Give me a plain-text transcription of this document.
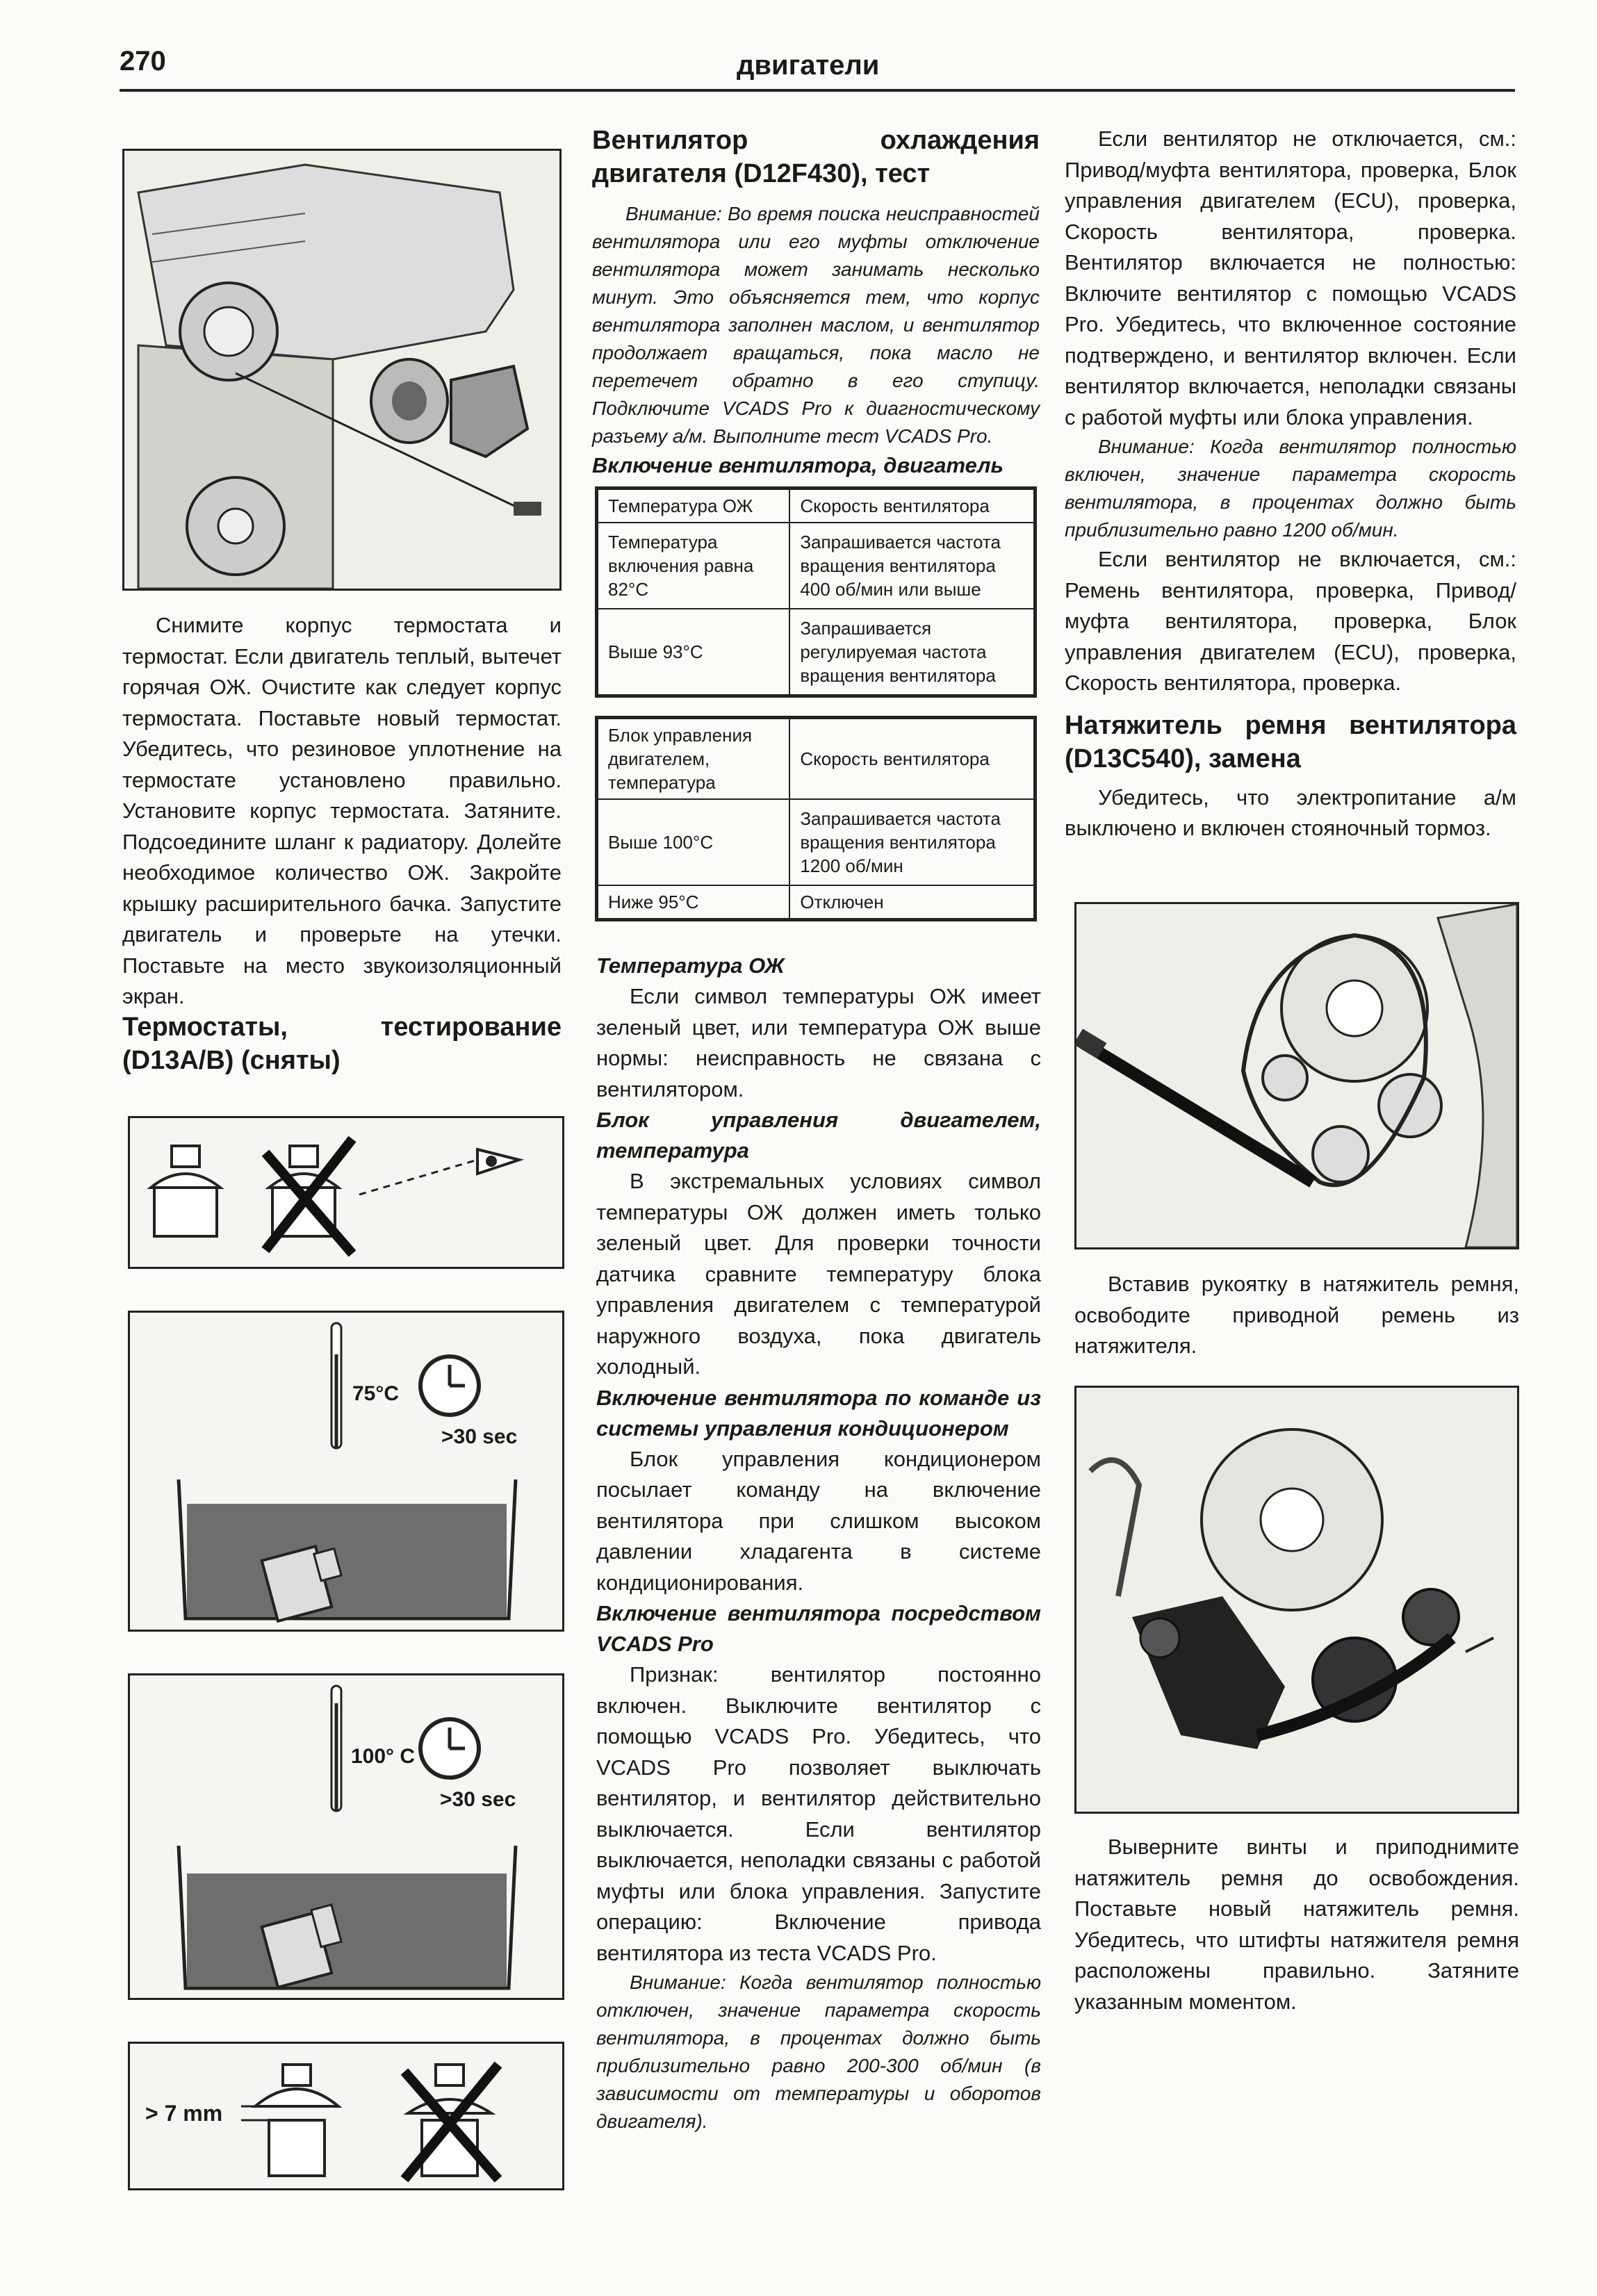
270	двигатели

Снимите корпус термостата и термостат. Если двигатель теплый, вытечет горячая ОЖ. Очистите как следует корпус термостата. Поставьте новый термостат. Убедитесь, что резиновое уплотнение на термостате установлено правильно. Установите корпус термостата. Затяните. Подсоедините шланг к радиатору. Долейте необходимое количество ОЖ. Закройте крышку расширительного бачка. Запустите двигатель и проверьте на утечки. Поставьте на место звукоизоляционный экран.

Термостаты, тестирование (D13A/B) (сняты)

75°C
>30 sec
100° C
>30 sec
> 7 mm

Вентилятор охлаждения двигателя (D12F430), тест

Внимание: Во время поиска неисправностей вентилятора или его муфты отключение вентилятора может занимать несколько минут. Это объясняется тем, что корпус вентилятора заполнен маслом, и вентилятор продолжает вращаться, пока масло не перетечет обратно в его ступицу. Подключите VCADS Pro к диагностическому разъему а/м. Выполните тест VCADS Pro.

Включение вентилятора, двигатель

Температура ОЖ	Скорость вентилятора
Температура включения равна 82°C	Запрашивается частота вращения вентилятора 400 об/мин или выше
Выше 93°C	Запрашивается регулируемая частота вращения вентилятора
Блок управления двигателем, температура	Скорость вентилятора
Выше 100°C	Запрашивается частота вращения вентилятора 1200 об/мин
Ниже 95°C	Отключен

Температура ОЖ

Если символ температуры ОЖ имеет зеленый цвет, или температура ОЖ выше нормы: неисправность не связана с вентилятором.

Блок управления двигателем, температура

В экстремальных условиях символ температуры ОЖ должен иметь только зеленый цвет. Для проверки точности датчика сравните температуру блока управления двигателем с температурой наружного воздуха, пока двигатель холодный.

Включение вентилятора по команде из системы управления кондиционером

Блок управления кондиционером посылает команду на включение вентилятора при слишком высоком давлении хладагента в системе кондиционирования.

Включение вентилятора посредством VCADS Pro

Признак: вентилятор постоянно включен. Выключите вентилятор с помощью VCADS Pro. Убедитесь, что VCADS Pro позволяет выключать вентилятор, и вентилятор действительно выключается. Если вентилятор выключается, неполадки связаны с работой муфты или блока управления. Запустите операцию: Включение привода вентилятора из теста VCADS Pro.

Внимание: Когда вентилятор полностью отключен, значение параметра скорость вентилятора, в процентах должно быть приблизительно равно 200-300 об/мин (в зависимости от температуры и оборотов двигателя).

Если вентилятор не отключается, см.: Привод/муфта вентилятора, проверка, Блок управления двигателем (ECU), проверка, Скорость вентилятора, проверка. Вентилятор включается не полностью: Включите вентилятор с помощью VCADS Pro. Убедитесь, что включенное состояние подтверждено, и вентилятор включен. Если вентилятор включается, неполадки связаны с работой муфты или блока управления.

Внимание: Когда вентилятор полностью включен, значение параметра скорость вентилятора, в процентах должно быть приблизительно равно 1200 об/мин.

Если вентилятор не включается, см.: Ремень вентилятора, проверка, Привод/муфта вентилятора, проверка, Блок управления двигателем (ECU), проверка, Скорость вентилятора, проверка.

Натяжитель ремня вентилятора (D13C540), замена

Убедитесь, что электропитание а/м выключено и включен стояночный тормоз.

Вставив рукоятку в натяжитель ремня, освободите приводной ремень из натяжителя.

Выверните винты и приподнимите натяжитель ремня до освобождения. Поставьте новый натяжитель ремня. Убедитесь, что штифты натяжителя ремня расположены правильно. Затяните указанным моментом.
